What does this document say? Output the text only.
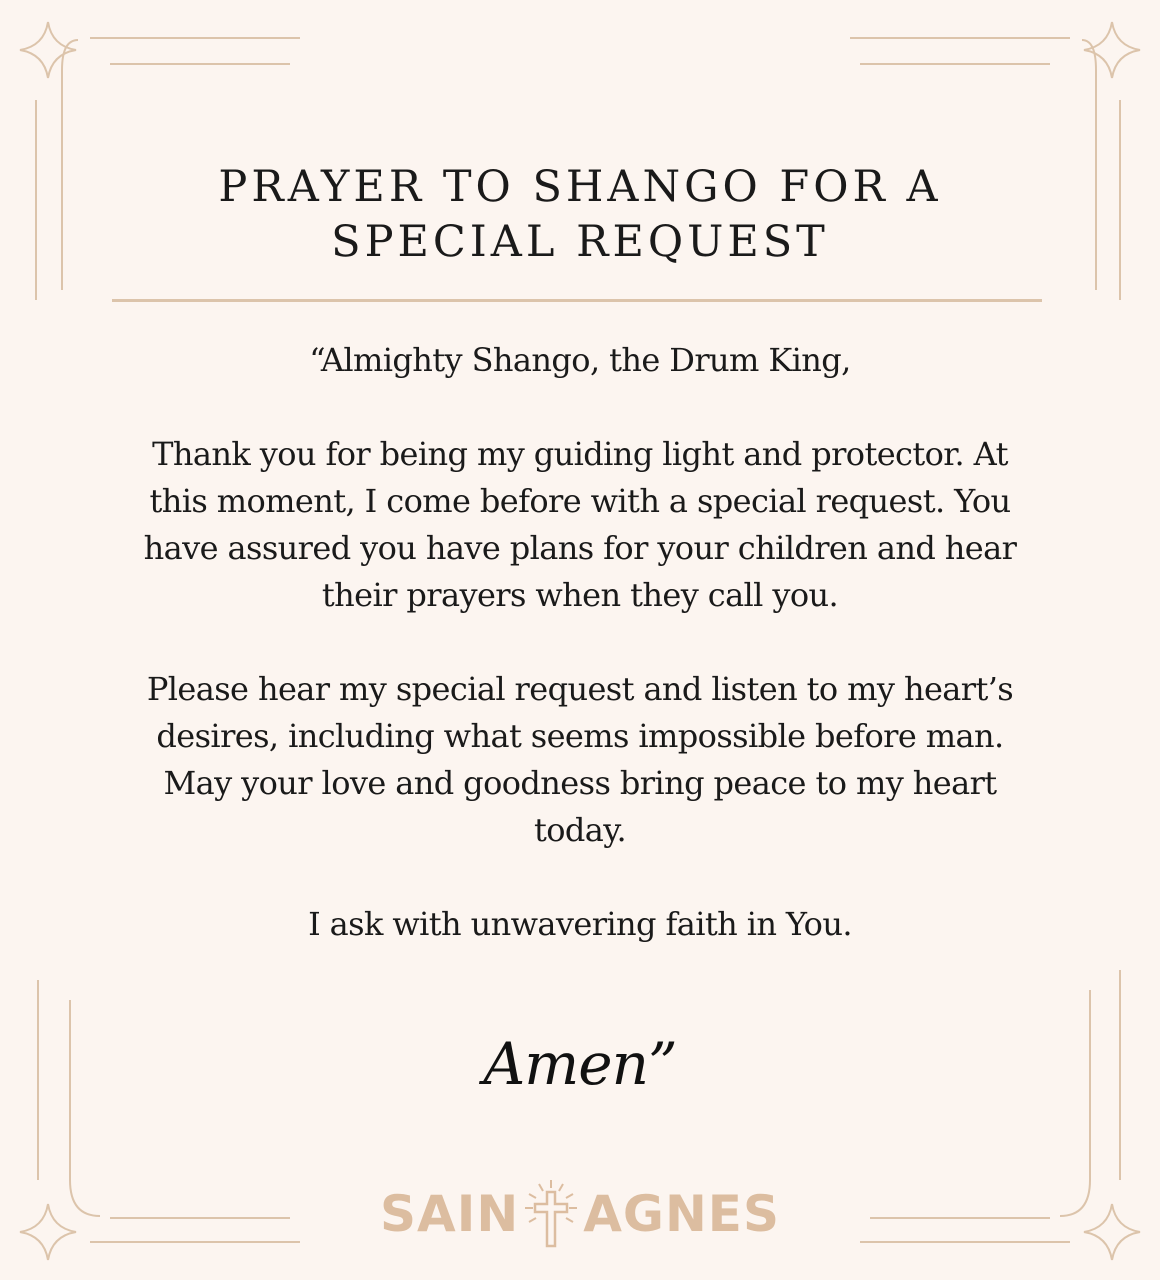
PRAYER TO SHANGO FOR A
SPECIAL REQUEST

“Almighty Shango, the Drum King,

Thank you for being my guiding light and protector. At this moment, I come before with a special request. You have assured you have plans for your children and hear their prayers when they call you.

Please hear my special request and listen to my heart’s desires, including what seems impossible before man. May your love and goodness bring peace to my heart today.

I ask with unwavering faith in You.

Amen”
SAIN AGNES
